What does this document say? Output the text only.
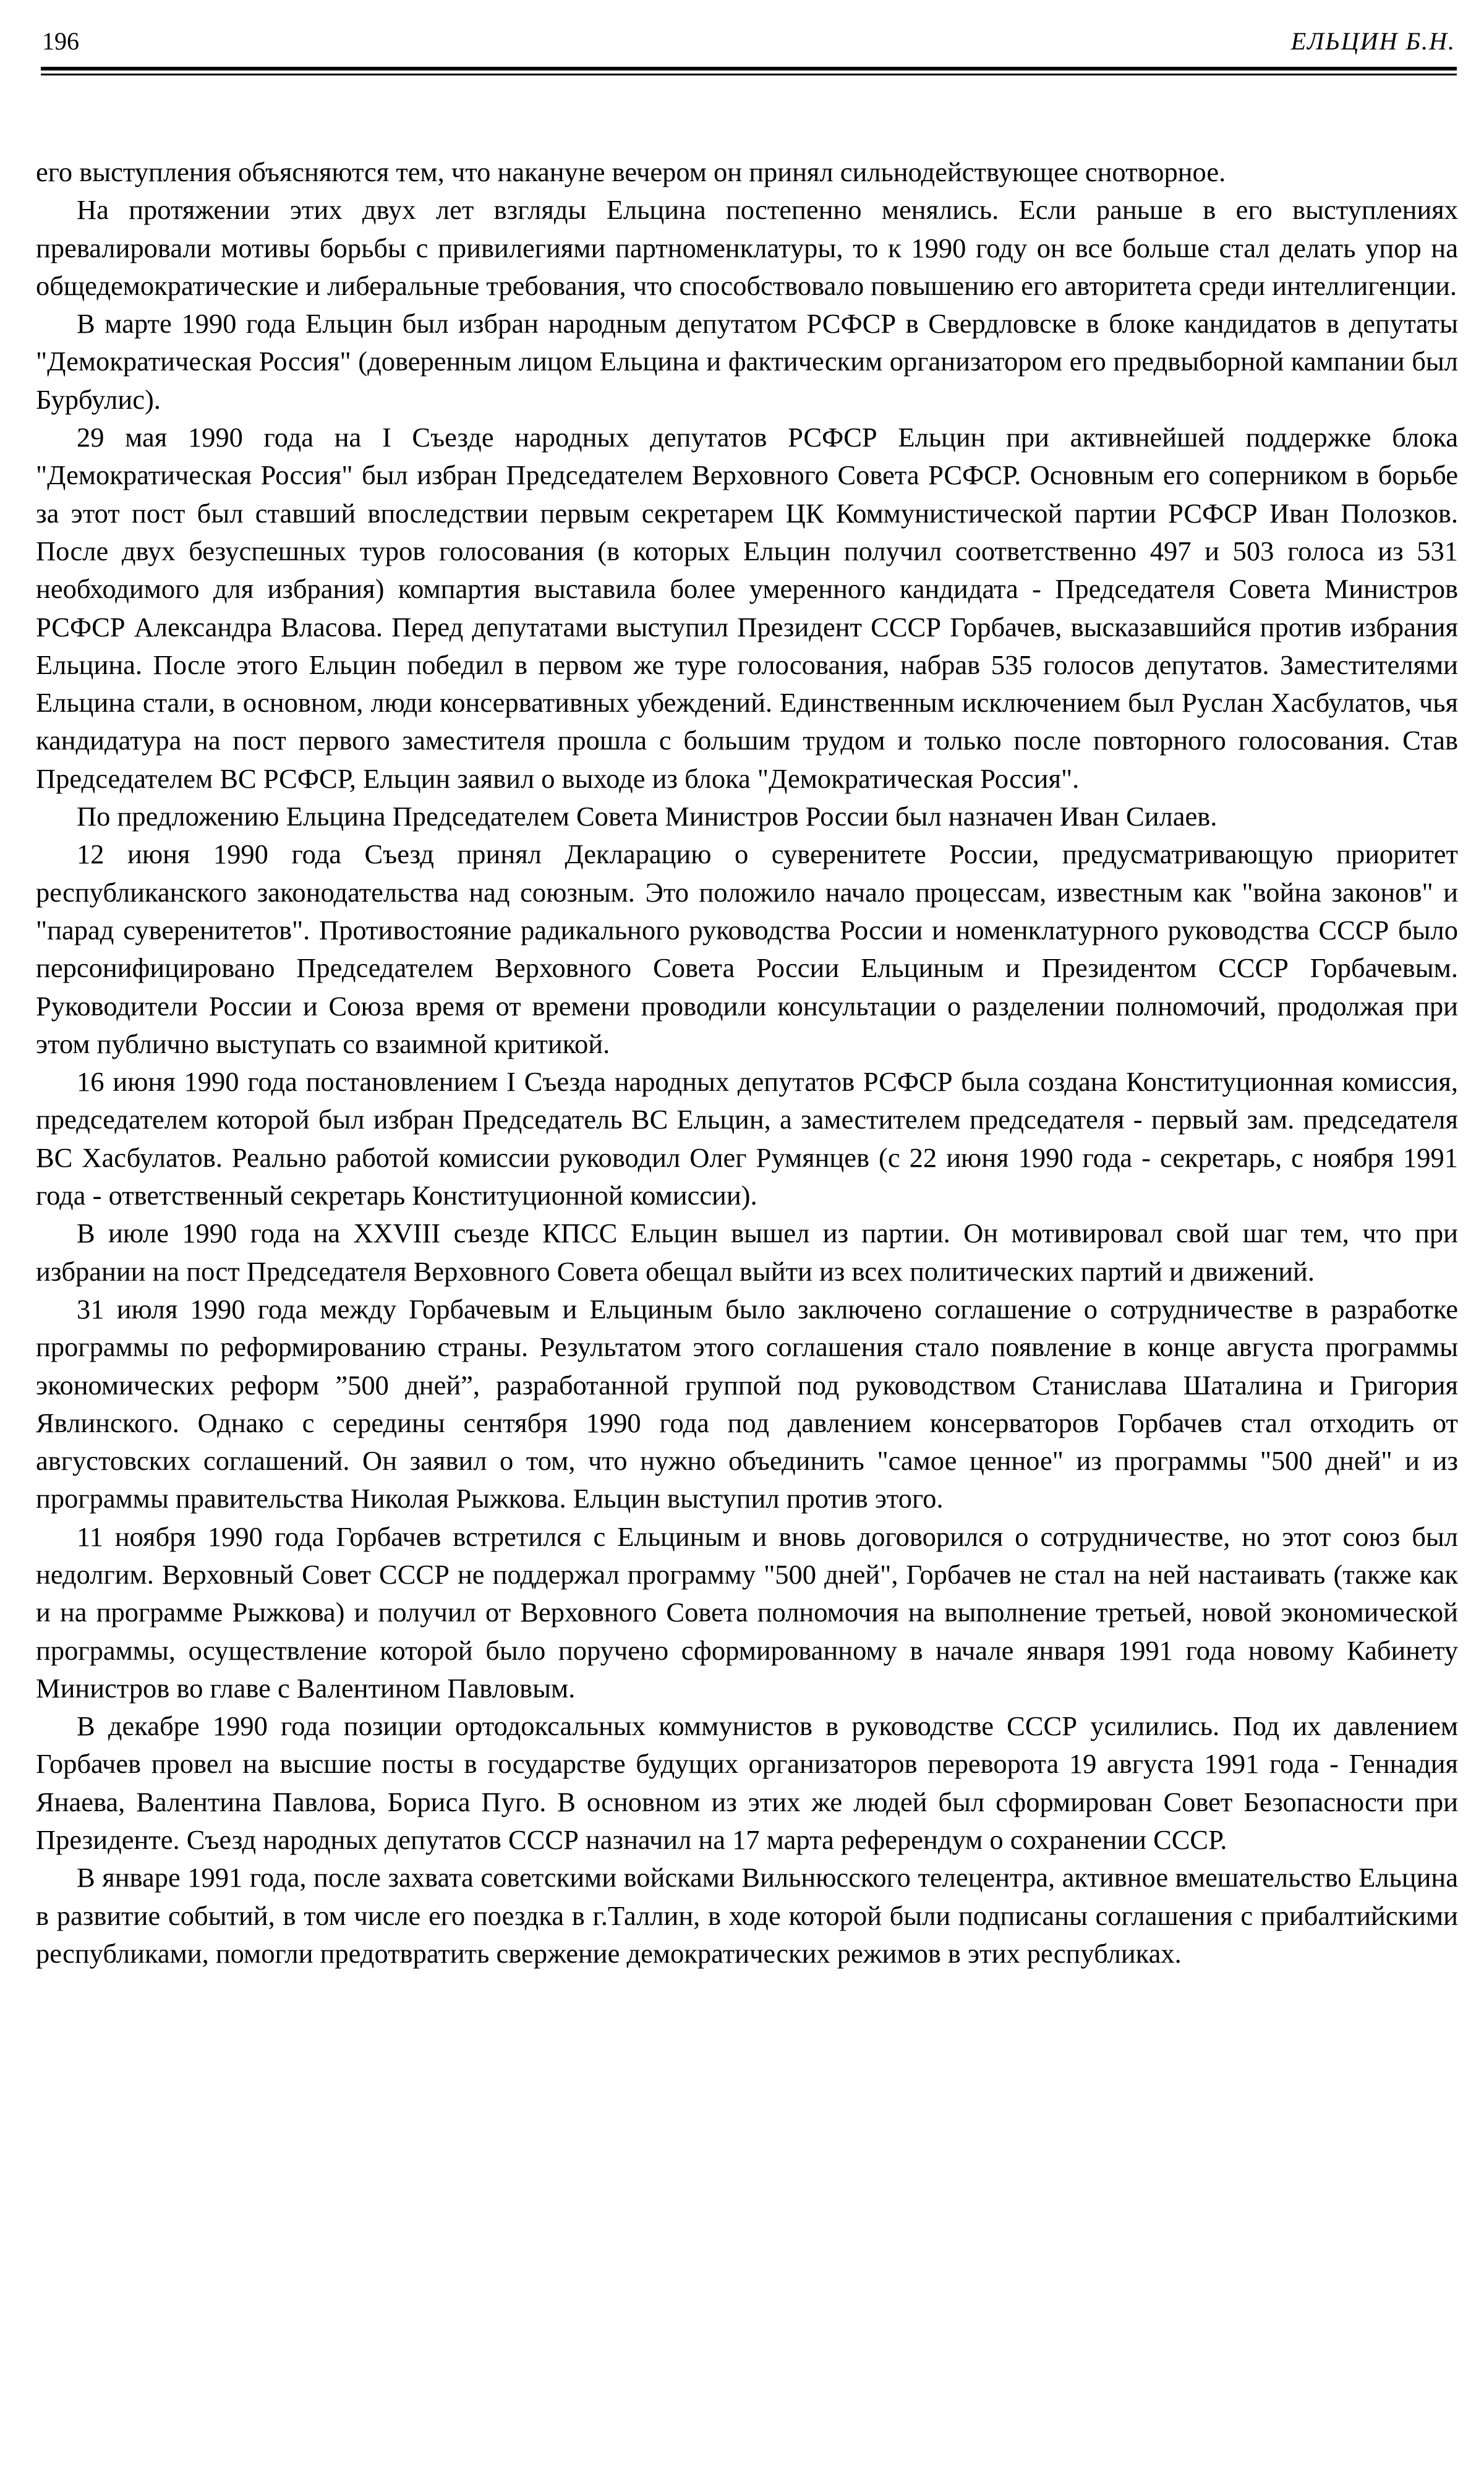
196	ЕЛЬЦИН Б.Н.

его выступления объясняются тем, что накануне вечером он принял сильнодействующее снотворное.

На протяжении этих двух лет взгляды Ельцина постепенно менялись. Если раньше в его выступлениях превалировали мотивы борьбы с привилегиями партноменклатуры, то к 1990 году он все больше стал делать упор на общедемократические и либеральные требования, что способствовало повышению его авторитета среди интеллигенции.

В марте 1990 года Ельцин был избран народным депутатом РСФСР в Свердловске в блоке кандидатов в депутаты "Демократическая Россия" (доверенным лицом Ельцина и фактическим организатором его предвыборной кампании был Бурбулис).

29 мая 1990 года на I Съезде народных депутатов РСФСР Ельцин при активнейшей поддержке блока "Демократическая Россия" был избран Председателем Верховного Совета РСФСР. Основным его соперником в борьбе за этот пост был ставший впоследствии первым секретарем ЦК Коммунистической партии РСФСР Иван Полозков. После двух безуспешных туров голосования (в которых Ельцин получил соответственно 497 и 503 голоса из 531 необходимого для избрания) компартия выставила более умеренного кандидата - Председателя Совета Министров РСФСР Александра Власова. Перед депутатами выступил Президент СССР Горбачев, высказавшийся против избрания Ельцина. После этого Ельцин победил в первом же туре голосования, набрав 535 голосов депутатов. Заместителями Ельцина стали, в основном, люди консервативных убеждений. Единственным исключением был Руслан Хасбулатов, чья кандидатура на пост первого заместителя прошла с большим трудом и только после повторного голосования. Став Председателем ВС РСФСР, Ельцин заявил о выходе из блока "Демократическая Россия".

По предложению Ельцина Председателем Совета Министров России был назначен Иван Силаев.

12 июня 1990 года Съезд принял Декларацию о суверенитете России, предусматривающую приоритет республиканского законодательства над союзным. Это положило начало процессам, известным как "война законов" и "парад суверенитетов". Противостояние радикального руководства России и номенклатурного руководства СССР было персонифицировано Председателем Верховного Совета России Ельциным и Президентом СССР Горбачевым. Руководители России и Союза время от времени проводили консультации о разделении полномочий, продолжая при этом публично выступать со взаимной критикой.

16 июня 1990 года постановлением I Съезда народных депутатов РСФСР была создана Конституционная комиссия, председателем которой был избран Председатель ВС Ельцин, а заместителем председателя - первый зам. председателя ВС Хасбулатов. Реально работой комиссии руководил Олег Румянцев (с 22 июня 1990 года - секретарь, с ноября 1991 года - ответственный секретарь Конституционной комиссии).

В июле 1990 года на XXVIII съезде КПСС Ельцин вышел из партии. Он мотивировал свой шаг тем, что при избрании на пост Председателя Верховного Совета обещал выйти из всех политических партий и движений.

31 июля 1990 года между Горбачевым и Ельциным было заключено соглашение о сотрудничестве в разработке программы по реформированию страны. Результатом этого соглашения стало появление в конце августа программы экономических реформ ”500 дней”, разработанной группой под руководством Станислава Шаталина и Григория Явлинского. Однако с середины сентября 1990 года под давлением консерваторов Горбачев стал отходить от августовских соглашений. Он заявил о том, что нужно объединить "самое ценное" из программы "500 дней" и из программы правительства Николая Рыжкова. Ельцин выступил против этого.

11 ноября 1990 года Горбачев встретился с Ельциным и вновь договорился о сотрудничестве, но этот союз был недолгим. Верховный Совет СССР не поддержал программу "500 дней", Горбачев не стал на ней настаивать (также как и на программе Рыжкова) и получил от Верховного Совета полномочия на выполнение третьей, новой экономической программы, осуществление которой было поручено сформированному в начале января 1991 года новому Кабинету Министров во главе с Валентином Павловым.

В декабре 1990 года позиции ортодоксальных коммунистов в руководстве СССР усилились. Под их давлением Горбачев провел на высшие посты в государстве будущих организаторов переворота 19 августа 1991 года - Геннадия Янаева, Валентина Павлова, Бориса Пуго. В основном из этих же людей был сформирован Совет Безопасности при Президенте. Съезд народных депутатов СССР назначил на 17 марта референдум о сохранении СССР.

В январе 1991 года, после захвата советскими войсками Вильнюсского телецентра, активное вмешательство Ельцина в развитие событий, в том числе его поездка в г.Таллин, в ходе которой были подписаны соглашения с прибалтийскими республиками, помогли предотвратить свержение демократических режимов в этих республиках.
